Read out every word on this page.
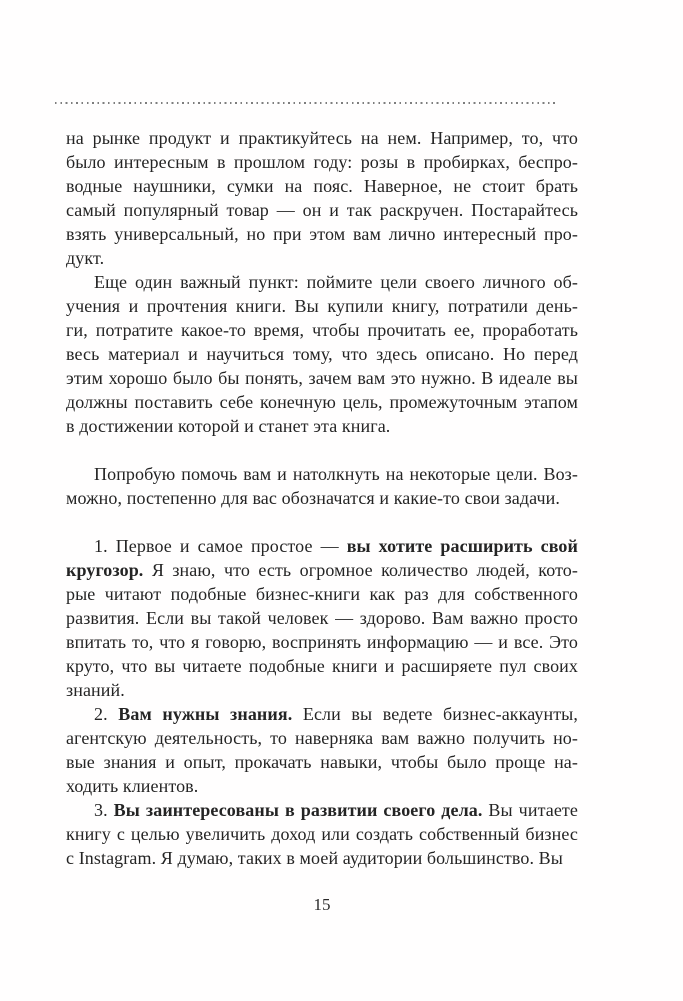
на рынке продукт и практикуйтесь на нем. Например, то, что
было интересным в прошлом году: розы в пробирках, беспро-
водные наушники, сумки на пояс. Наверное, не стоит брать
самый популярный товар — он и так раскручен. Постарайтесь
взять универсальный, но при этом вам лично интересный про-
дукт.
Еще один важный пункт: поймите цели своего личного об-
учения и прочтения книги. Вы купили книгу, потратили день-
ги, потратите какое-то время, чтобы прочитать ее, проработать
весь материал и научиться тому, что здесь описано. Но перед
этим хорошо было бы понять, зачем вам это нужно. В идеале вы
должны поставить себе конечную цель, промежуточным этапом
в достижении которой и станет эта книга.
Попробую помочь вам и натолкнуть на некоторые цели. Воз-
можно, постепенно для вас обозначатся и какие-то свои задачи.
1. Первое и самое простое — вы хотите расширить свой
кругозор. Я знаю, что есть огромное количество людей, кото-
рые читают подобные бизнес-книги как раз для собственного
развития. Если вы такой человек — здорово. Вам важно просто
впитать то, что я говорю, воспринять информацию — и все. Это
круто, что вы читаете подобные книги и расширяете пул своих
знаний.
2. Вам нужны знания. Если вы ведете бизнес-аккаунты,
агентскую деятельность, то наверняка вам важно получить но-
вые знания и опыт, прокачать навыки, чтобы было проще на-
ходить клиентов.
3. Вы заинтересованы в развитии своего дела. Вы читаете
книгу с целью увеличить доход или создать собственный бизнес
с Instagram. Я думаю, таких в моей аудитории большинство. Вы
15
